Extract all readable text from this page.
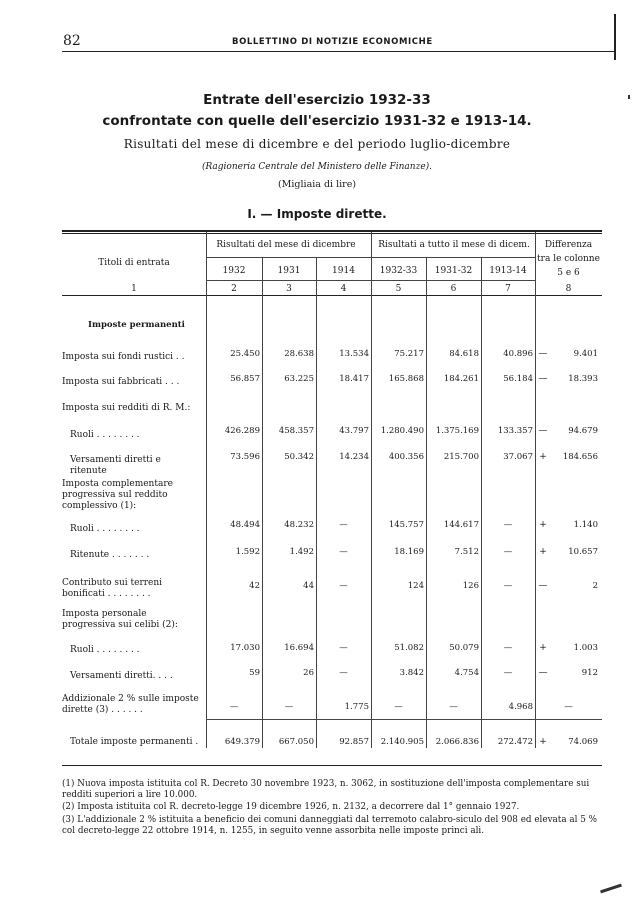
82	BOLLETTINO DI NOTIZIE ECONOMICHE
Entrate dell'esercizio 1932-33
confrontate con quelle dell'esercizio 1931-32 e 1913-14.
Risultati del mese di dicembre e del periodo luglio-dicembre
(Ragioneria Centrale del Ministero delle Finanze).
(Migliaia di lire)
I. — Imposte dirette.
Titoli di entrata
1
Risultati del mese di dicembre	Risultati a tutto il mese di dicem.	Differenza
tra le colonne
5 e 6
1932	1931	1914	1932-33	1931-32	1913-14
2	3	4	5	6	7	8
Imposte permanenti
Imposta sui fondi rustici . .	25.450	28.638	13.534	75.217	84.618	40.896 —	9.401
Imposta sui fabbricati . . .	56.857	63.225	18.417	165.868	184.261	56.184 —	18.393
Imposta sui redditi di R. M.:
Ruoli . . . . . . . .	426.289	458.357	43.797	1.280.490	1.375.169	133.357 —	94.679
Versamenti diretti e ritenute
73.596	50.342	14.234	400.356	215.700	37.067 +	184.656
Imposta complementare progressiva sul reddito complessivo (1):
Ruoli . . . . . . . .	48.494	48.232	—	145.757	144.617	—	+	1.140
Ritenute . . . . . . .	1.592	1.492	—	18.169	7.512	—	+	10.657
Contributo sui terreni bonificati . . . . . . . .
42	44	—	124	126	—	—	2
Imposta personale progressiva sui celibi (2):
Ruoli . . . . . . . .	17.030	16.694	—	51.082	50.079	—	+	1.003
Versamenti diretti. . . .	59	26	—	3.842	4.754	—	—	912
Addizionale 2 % sulle imposte dirette (3) . . . . . .	—	—	1.775	—	—	4.968	—
Totale imposte permanenti .	649.379	667.050	92.857	2.140.905	2.066.836	272.472 +	74.069
(1) Nuova imposta istituita col R. Decreto 30 novembre 1923, n. 3062, in sostituzione dell'imposta complementare sui redditi superiori a lire 10.000.
(2) Imposta istituita col R. decreto-legge 19 dicembre 1926, n. 2132, a decorrere dal 1° gennaio 1927.
(3) L'addizionale 2 % istituita a beneficio dei comuni danneggiati dal terremoto calabro-siculo del 908 ed elevata al 5 % col decreto-legge 22 ottobre 1914, n. 1255, in seguito venne assorbita nelle imposte princi ali.
